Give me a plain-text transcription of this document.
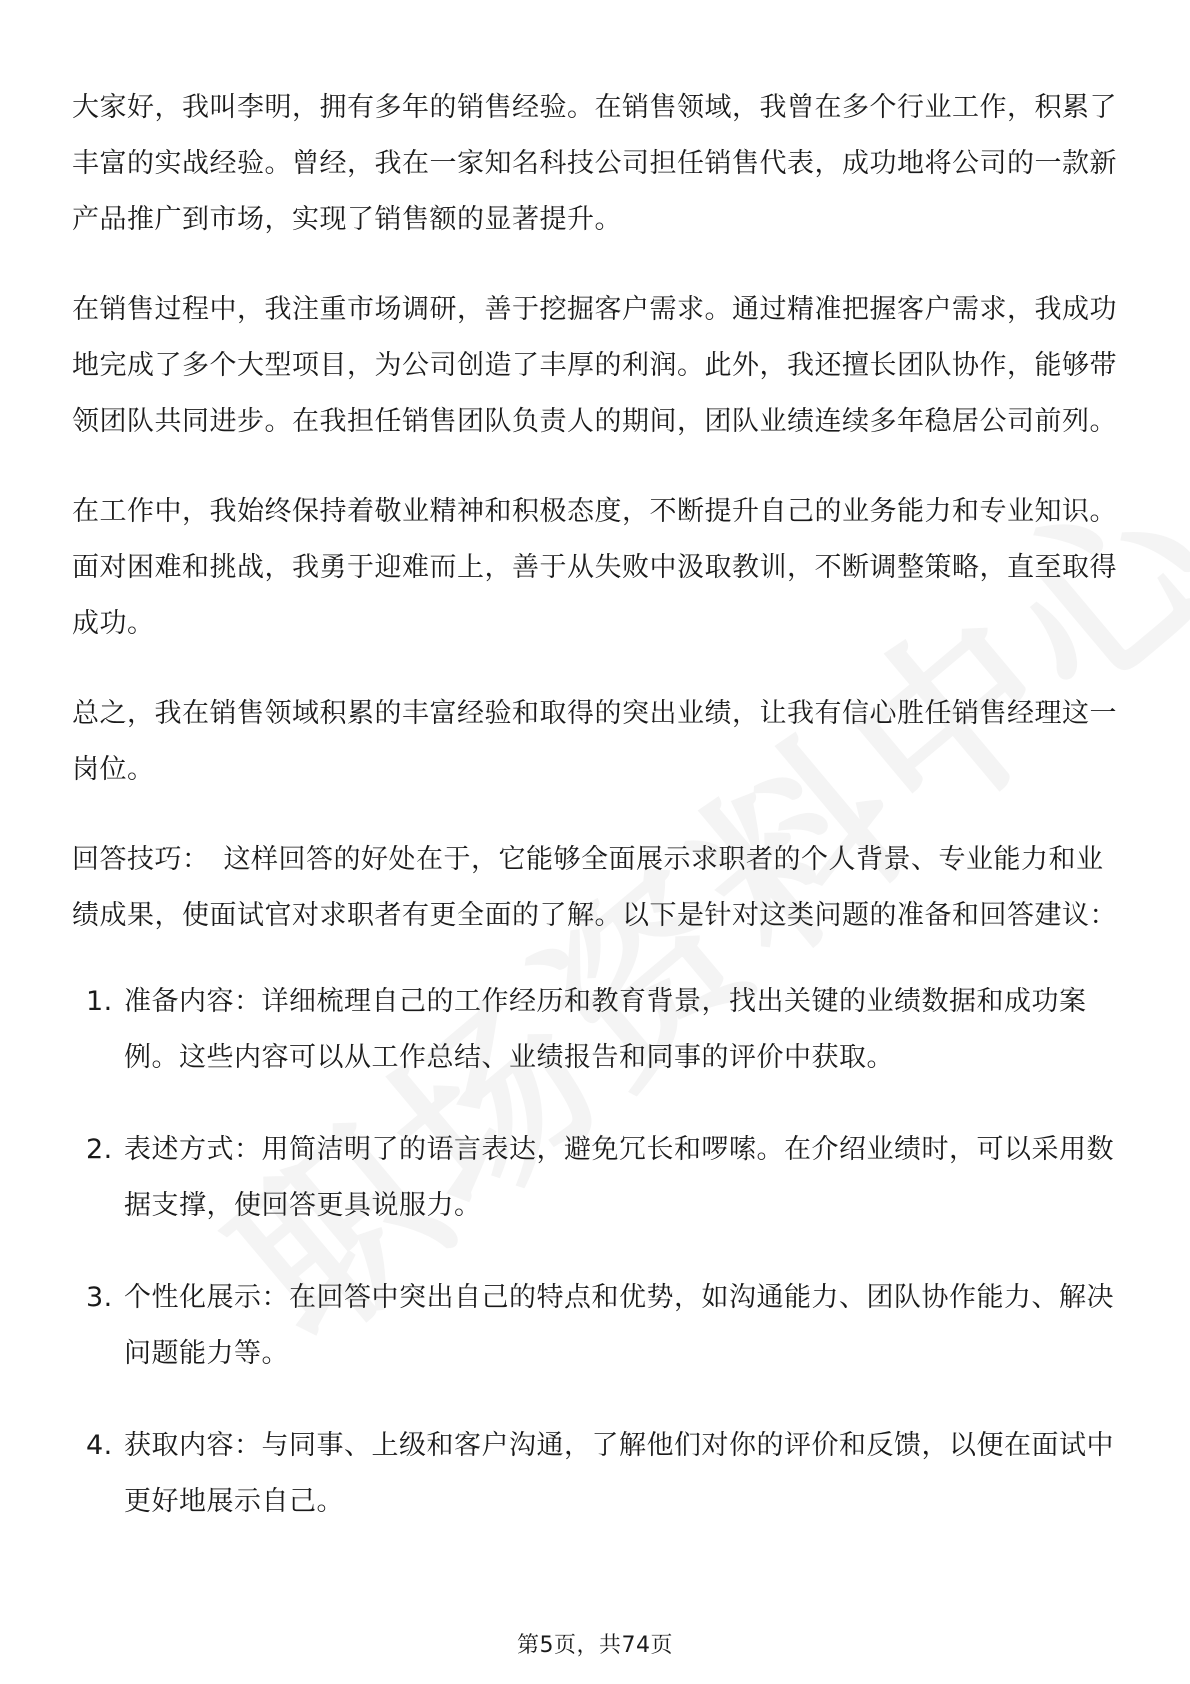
大家好，我叫李明，拥有多年的销售经验。在销售领域，我曾在多个行业工作，积累了丰富的实战经验。曾经，我在一家知名科技公司担任销售代表，成功地将公司的一款新产品推广到市场，实现了销售额的显著提升。

在销售过程中，我注重市场调研，善于挖掘客户需求。通过精准把握客户需求，我成功地完成了多个大型项目，为公司创造了丰厚的利润。此外，我还擅长团队协作，能够带领团队共同进步。在我担任销售团队负责人的期间，团队业绩连续多年稳居公司前列。

在工作中，我始终保持着敬业精神和积极态度，不断提升自己的业务能力和专业知识。面对困难和挑战，我勇于迎难而上，善于从失败中汲取教训，不断调整策略，直至取得成功。

总之，我在销售领域积累的丰富经验和取得的突出业绩，让我有信心胜任销售经理这一岗位。

回答技巧： 这样回答的好处在于，它能够全面展示求职者的个人背景、专业能力和业绩成果，使面试官对求职者有更全面的了解。以下是针对这类问题的准备和回答建议：

1. 准备内容：详细梳理自己的工作经历和教育背景，找出关键的业绩数据和成功案例。这些内容可以从工作总结、业绩报告和同事的评价中获取。
2. 表述方式：用简洁明了的语言表达，避免冗长和啰嗦。在介绍业绩时，可以采用数据支撑，使回答更具说服力。
3. 个性化展示：在回答中突出自己的特点和优势，如沟通能力、团队协作能力、解决问题能力等。
4. 获取内容：与同事、上级和客户沟通，了解他们对你的评价和反馈，以便在面试中更好地展示自己。
第5页，共74页
